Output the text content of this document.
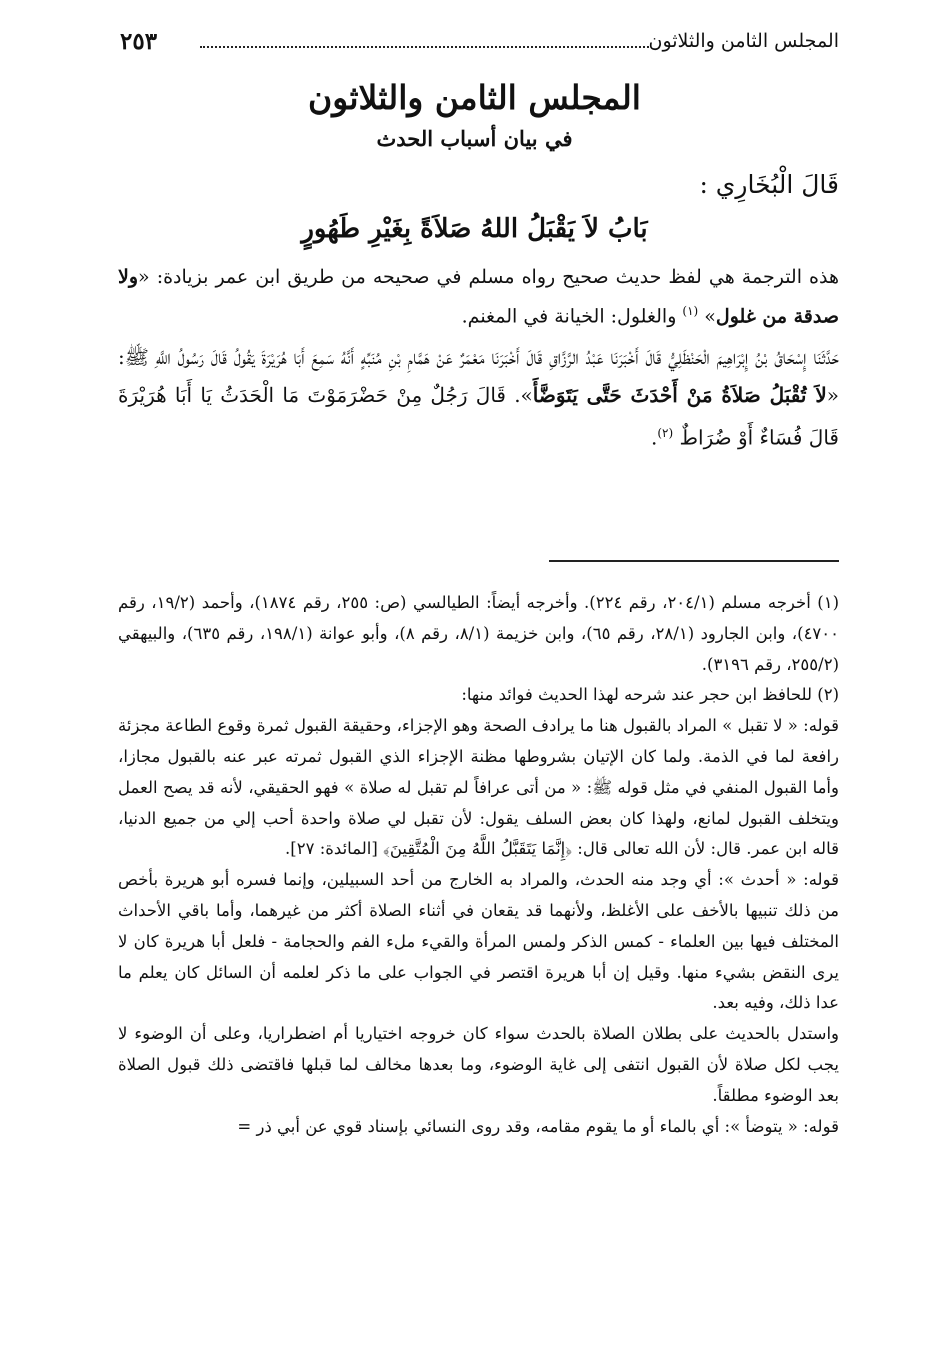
المجلس الثامن والثلاثون
٢٥٣
المجلس الثامن والثلاثون
في بيان أسباب الحدث
قَالَ الْبُخَارِي :
بَابُ لاَ يَقْبَلُ اللهُ صَلاَةً بِغَيْرِ طَهُورٍ
هذه الترجمة هي لفظ حديث صحيح رواه مسلم في صحيحه من طريق ابن عمر بزيادة: «ولا صدقة من غلول» $^{(١)}$ والغلول: الخيانة في المغنم.
حَدَّثَنَا إِسْحَاقُ بْنُ إِبْرَاهِيمَ الْحَنْظَلِيُّ قَالَ أَخْبَرَنَا عَبْدُ الرَّزَّاقِ قَالَ أَخْبَرَنَا مَعْمَرٌ عَنْ هَمَّامِ بْنِ مُنَبِّهٍ أَنَّهُ سَمِعَ أَبَا هُرَيْرَةَ يَقُولُ قَالَ رَسُولُ اللَّهِ ﷺ: «لاَ تُقْبَلُ صَلاَةُ مَنْ أَحْدَثَ حَتَّى يَتَوَضَّأَ». قَالَ رَجُلٌ مِنْ حَضْرَمَوْتَ مَا الْحَدَثُ يَا أَبَا هُرَيْرَةَ قَالَ فُسَاءٌ أَوْ ضُرَاطٌ $^{(٢)}$.

(١) أخرجه مسلم (٢٠٤/١، رقم ٢٢٤). وأخرجه أيضاً: الطيالسي (ص: ٢٥٥، رقم ١٨٧٤)، وأحمد (١٩/٢، رقم ٤٧٠٠)، وابن الجارود (٢٨/١، رقم ٦٥)، وابن خزيمة (٨/١، رقم ٨)، وأبو عوانة (١٩٨/١، رقم ٦٣٥)، والبيهقي (٢٥٥/٢، رقم ٣١٩٦).

(٢) للحافظ ابن حجر عند شرحه لهذا الحديث فوائد منها:

قوله: « لا تقبل » المراد بالقبول هنا ما يرادف الصحة وهو الإجزاء، وحقيقة القبول ثمرة وقوع الطاعة مجزئة رافعة لما في الذمة. ولما كان الإتيان بشروطها مظنة الإجزاء الذي القبول ثمرته عبر عنه بالقبول مجازا، وأما القبول المنفي في مثل قوله ﷺ: « من أتى عرافاً لم تقبل له صلاة » فهو الحقيقي، لأنه قد يصح العمل ويتخلف القبول لمانع، ولهذا كان بعض السلف يقول: لأن تقبل لي صلاة واحدة أحب إلي من جميع الدنيا، قاله ابن عمر. قال: لأن الله تعالى قال: ﴿إِنَّمَا يَتَقَبَّلُ اللَّهُ مِنَ الْمُتَّقِينَ﴾ [المائدة: ٢٧].

قوله: « أحدث »: أي وجد منه الحدث، والمراد به الخارج من أحد السبيلين، وإنما فسره أبو هريرة بأخص من ذلك تنبيها بالأخف على الأغلظ، ولأنهما قد يقعان في أثناء الصلاة أكثر من غيرهما، وأما باقي الأحداث المختلف فيها بين العلماء - كمس الذكر ولمس المرأة والقيء ملء الفم والحجامة - فلعل أبا هريرة كان لا يرى النقض بشيء منها. وقيل إن أبا هريرة اقتصر في الجواب على ما ذكر لعلمه أن السائل كان يعلم ما عدا ذلك، وفيه بعد.

واستدل بالحديث على بطلان الصلاة بالحدث سواء كان خروجه اختياريا أم اضطراريا، وعلى أن الوضوء لا يجب لكل صلاة لأن القبول انتفى إلى غاية الوضوء، وما بعدها مخالف لما قبلها فاقتضى ذلك قبول الصلاة بعد الوضوء مطلقاً.

قوله: « يتوضأ »: أي بالماء أو ما يقوم مقامه، وقد روى النسائي بإسناد قوي عن أبي ذر =
